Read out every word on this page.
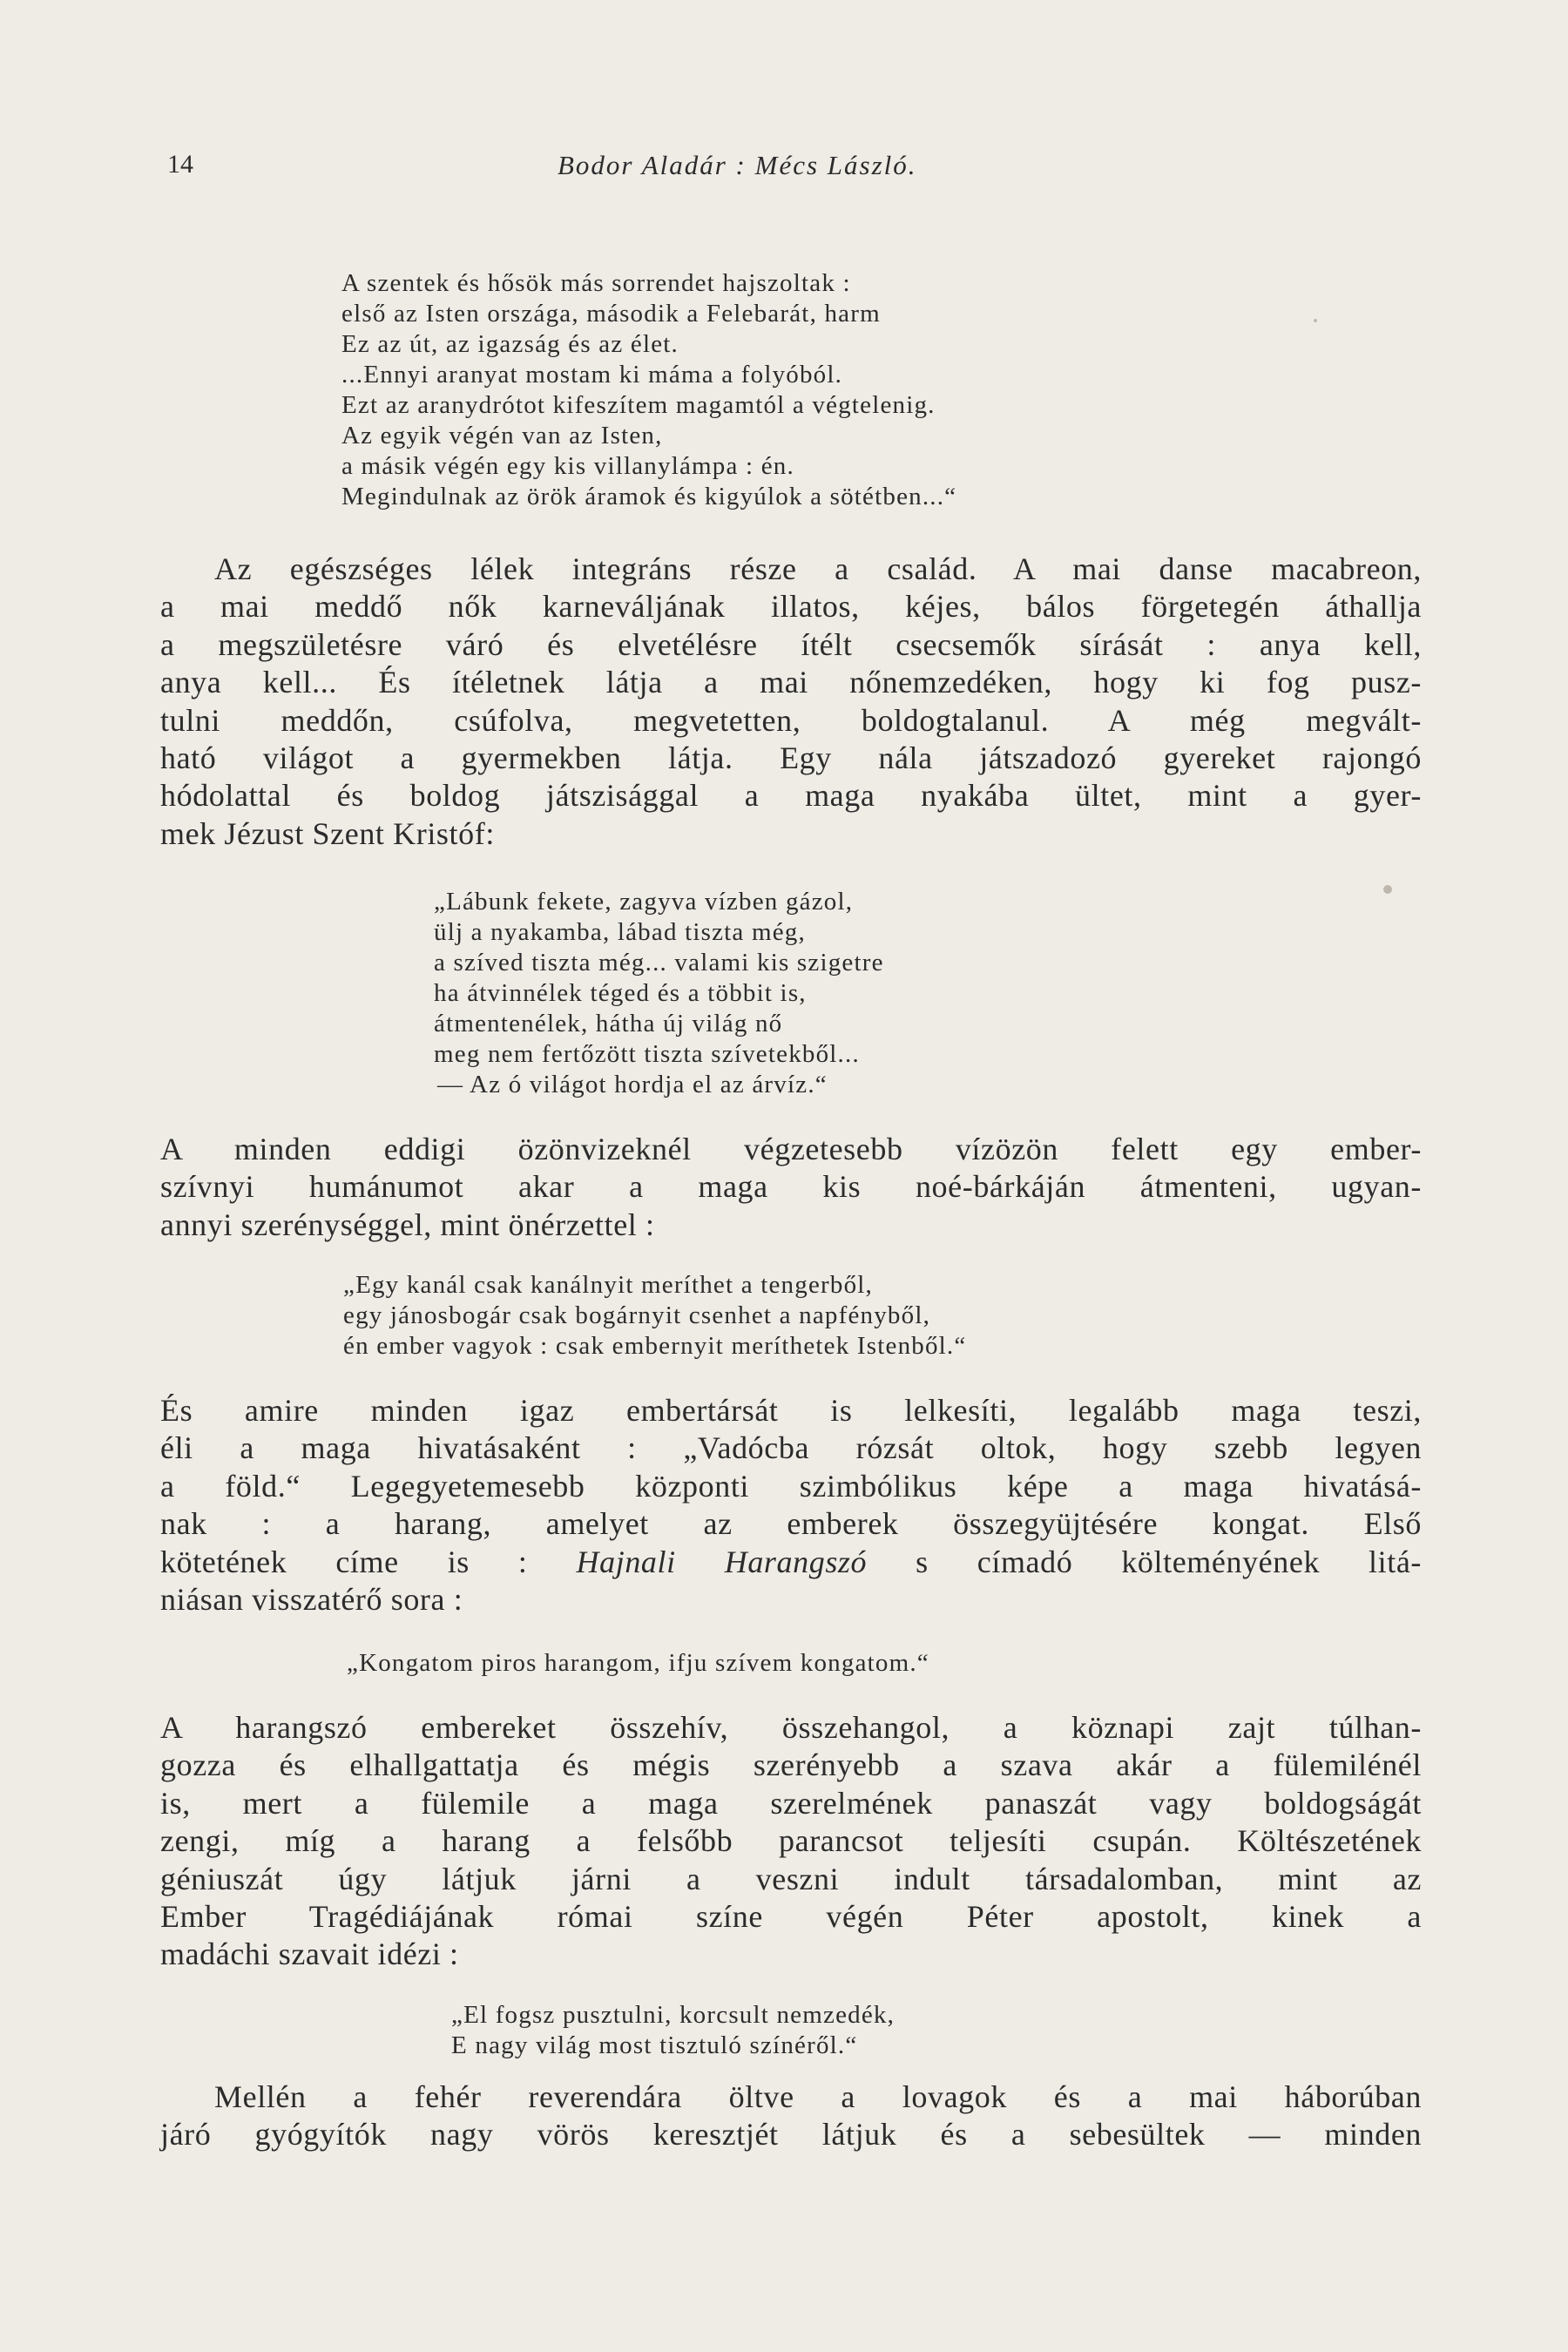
14	Bodor Aladár : Mécs László.
A szentek és hősök más sorrendet hajszoltak :
első az Isten országa, második a Felebarát, harm
Ez az út, az igazság és az élet.
...Ennyi aranyat mostam ki máma a folyóból.
Ezt az aranydrótot kifeszítem magamtól a végtelenig.
Az egyik végén van az Isten,
a másik végén egy kis villanylámpa : én.
Megindulnak az örök áramok és kigyúlok a sötétben...“
Az egészséges lélek integráns része a család. A mai danse macabreon,
a mai meddő nők karneváljának illatos, kéjes, bálos förgetegén áthallja
a megszületésre váró és elvetélésre ítélt csecsemők sírását : anya kell,
anya kell... És ítéletnek látja a mai nőnemzedéken, hogy ki fog pusz-
tulni meddőn, csúfolva, megvetetten, boldogtalanul. A még megvált-
ható világot a gyermekben látja. Egy nála játszadozó gyereket rajongó
hódolattal és boldog játszisággal a maga nyakába ültet, mint a gyer-
mek Jézust Szent Kristóf:
„Lábunk fekete, zagyva vízben gázol,
ülj a nyakamba, lábad tiszta még,
a szíved tiszta még... valami kis szigetre
ha átvinnélek téged és a többit is,
átmentenélek, hátha új világ nő
meg nem fertőzött tiszta szívetekből...
— Az ó világot hordja el az árvíz.“
A minden eddigi özönvizeknél végzetesebb vízözön felett egy ember-
szívnyi humánumot akar a maga kis noé-bárkáján átmenteni, ugyan-
annyi szerénységgel, mint önérzettel :
„Egy kanál csak kanálnyit meríthet a tengerből,
egy jánosbogár csak bogárnyit csenhet a napfényből,
én ember vagyok : csak embernyit meríthetek Istenből.“
És amire minden igaz embertársát is lelkesíti, legalább maga teszi,
éli a maga hivatásaként : „Vadócba rózsát oltok, hogy szebb legyen
a föld.“ Legegyetemesebb központi szimbólikus képe a maga hivatásá-
nak : a harang, amelyet az emberek összegyüjtésére kongat. Első
kötetének címe is : Hajnali Harangszó s címadó költeményének litá-
niásan visszatérő sora :
„Kongatom piros harangom, ifju szívem kongatom.“
A harangszó embereket összehív, összehangol, a köznapi zajt túlhan-
gozza és elhallgattatja és mégis szerényebb a szava akár a fülemilénél
is, mert a fülemile a maga szerelmének panaszát vagy boldogságát
zengi, míg a harang a felsőbb parancsot teljesíti csupán. Költészetének
géniuszát úgy látjuk járni a veszni indult társadalomban, mint az
Ember Tragédiájának római színe végén Péter apostolt, kinek a
madáchi szavait idézi :
„El fogsz pusztulni, korcsult nemzedék,
E nagy világ most tisztuló színéről.“
Mellén a fehér reverendára öltve a lovagok és a mai háborúban
járó gyógyítók nagy vörös keresztjét látjuk és a sebesültek — minden
